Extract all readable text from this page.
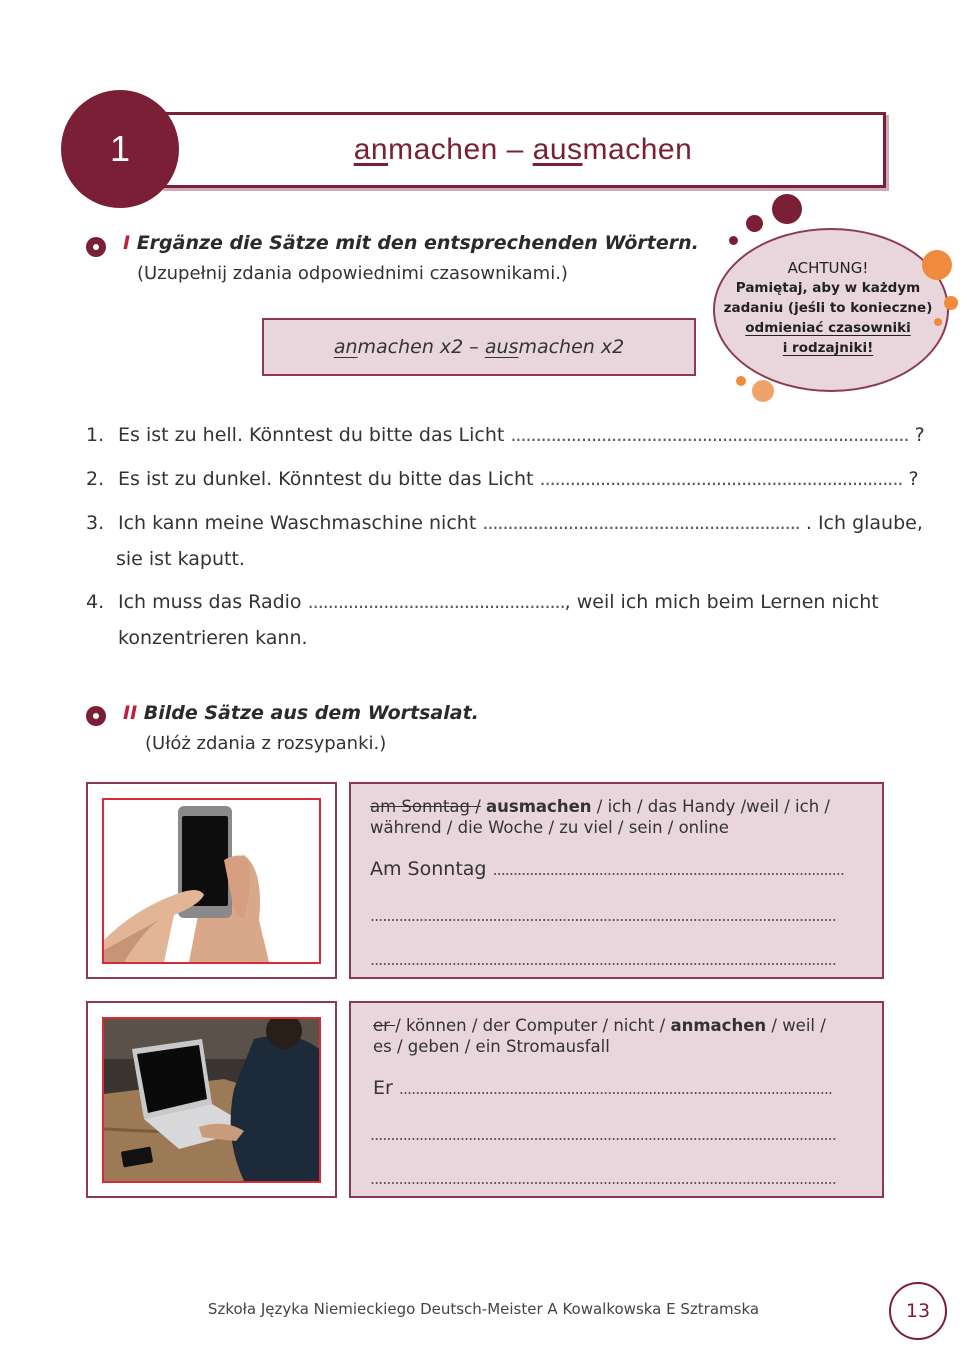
anmachen – ausmachen
1
I Ergänze die Sätze mit den entsprechenden Wörtern.
(Uzupełnij zdania odpowiednimi czasownikami.)
anmachen x2 – ausmachen x2
ACHTUNG!
Pamiętaj, aby w każdym
zadaniu (jeśli to konieczne)
odmieniać czasowniki
i rodzajniki!
1. Es ist zu hell. Könntest du bitte das Licht ............................................................................... ?
2. Es ist zu dunkel. Könntest du bitte das Licht ........................................................................ ?
3. Ich kann meine Waschmaschine nicht ............................................................... . Ich glaube,
sie ist kaputt.
4. Ich muss das Radio ..................................................., weil ich mich beim Lernen nicht
konzentrieren kann.
II Bilde Sätze aus dem Wortsalat.
(Ułóż zdania z rozsypanki.)
am Sonntag / ausmachen / ich / das Handy /weil / ich /
während / die Woche / zu viel / sein / online
Am Sonntag ......................................................................................
..................................................................................................................
..................................................................................................................
er / können / der Computer / nicht / anmachen / weil /
es / geben / ein Stromausfall
Er ..........................................................................................................
..................................................................................................................
..................................................................................................................
Szkoła Języka Niemieckiego Deutsch-Meister A Kowalkowska E Sztramska	13
